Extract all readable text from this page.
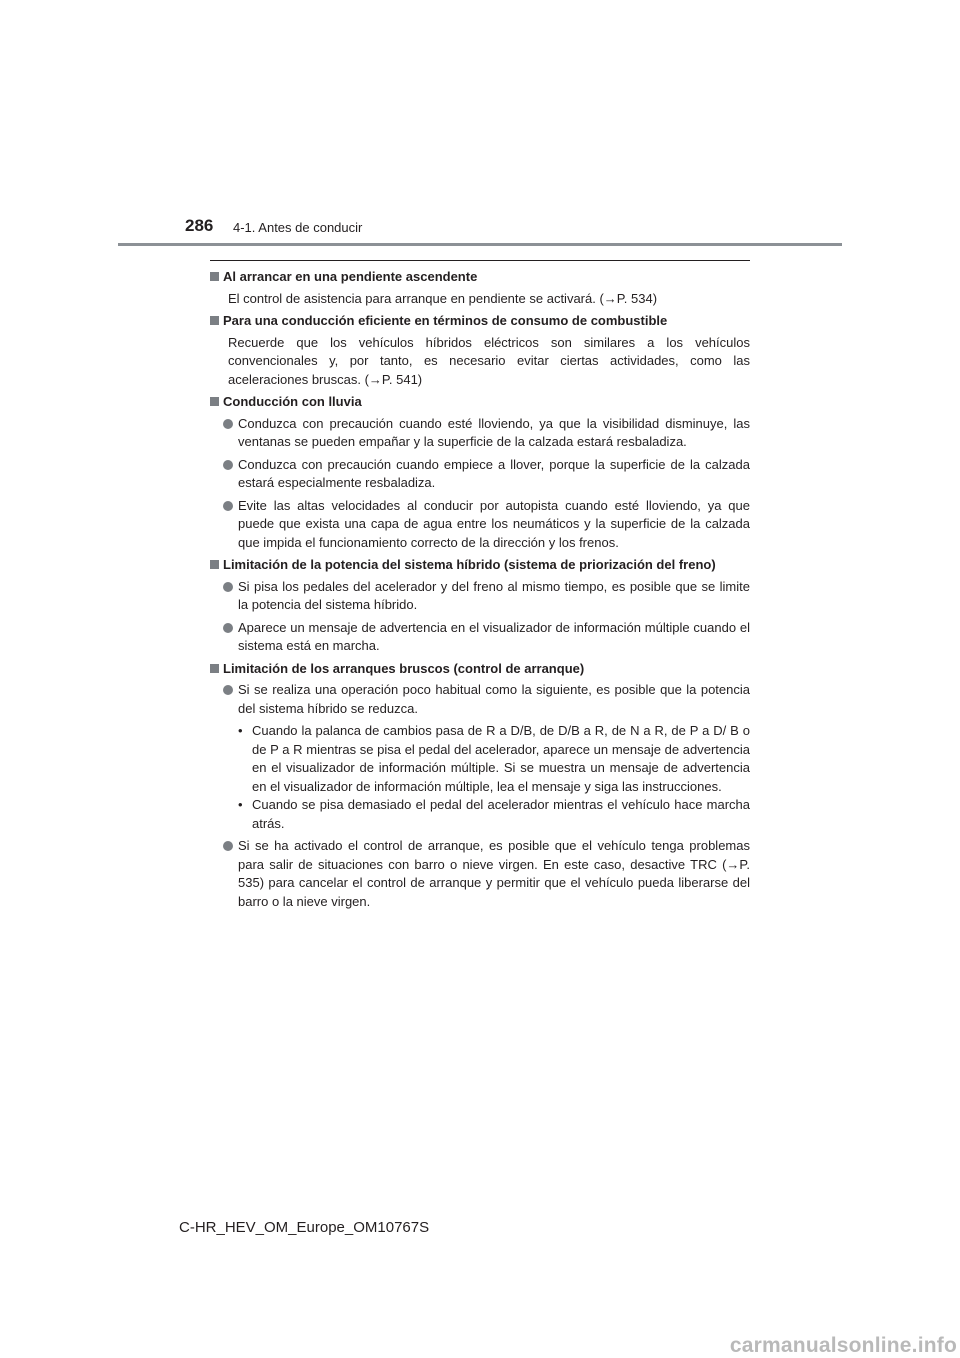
286 4-1. Antes de conducir
Al arrancar en una pendiente ascendente
El control de asistencia para arranque en pendiente se activará. (→P. 534)
Para una conducción eficiente en términos de consumo de combustible
Recuerde que los vehículos híbridos eléctricos son similares a los vehículos convencionales y, por tanto, es necesario evitar ciertas actividades, como las aceleraciones bruscas. (→P. 541)
Conducción con lluvia
Conduzca con precaución cuando esté lloviendo, ya que la visibilidad disminuye, las ventanas se pueden empañar y la superficie de la calzada estará resbaladiza.
Conduzca con precaución cuando empiece a llover, porque la superficie de la calzada estará especialmente resbaladiza.
Evite las altas velocidades al conducir por autopista cuando esté lloviendo, ya que puede que exista una capa de agua entre los neumáticos y la superficie de la calzada que impida el funcionamiento correcto de la dirección y los frenos.
Limitación de la potencia del sistema híbrido (sistema de priorización del freno)
Si pisa los pedales del acelerador y del freno al mismo tiempo, es posible que se limite la potencia del sistema híbrido.
Aparece un mensaje de advertencia en el visualizador de información múltiple cuando el sistema está en marcha.
Limitación de los arranques bruscos (control de arranque)
Si se realiza una operación poco habitual como la siguiente, es posible que la potencia del sistema híbrido se reduzca.
• Cuando la palanca de cambios pasa de R a D/B, de D/B a R, de N a R, de P a D/ B o de P a R mientras se pisa el pedal del acelerador, aparece un mensaje de advertencia en el visualizador de información múltiple. Si se muestra un mensaje de advertencia en el visualizador de información múltiple, lea el mensaje y siga las instrucciones.
• Cuando se pisa demasiado el pedal del acelerador mientras el vehículo hace marcha atrás.
Si se ha activado el control de arranque, es posible que el vehículo tenga problemas para salir de situaciones con barro o nieve virgen. En este caso, desactive TRC (→P. 535) para cancelar el control de arranque y permitir que el vehículo pueda liberarse del barro o la nieve virgen.
C-HR_HEV_OM_Europe_OM10767S
carmanualsonline.info
